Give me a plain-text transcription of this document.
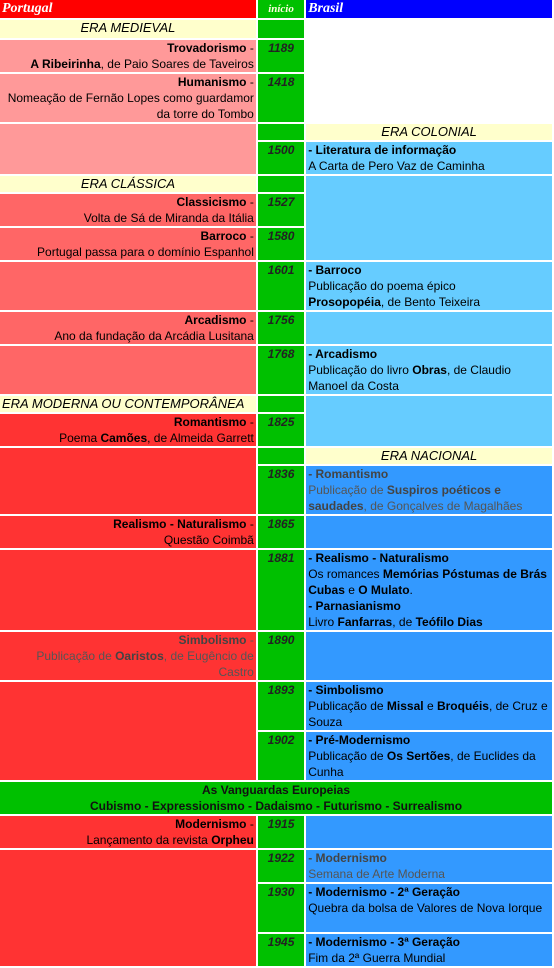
Portugal	início	Brasil
ERA MEDIEVAL		
Trovadorismo -
A Ribeirinha, de Paio Soares de Taveiros	1189	
Humanismo -
Nomeação de Fernão Lopes como guardamor da torre do Tombo	1418	
		ERA COLONIAL
	1500	- Literatura de informação
A Carta de Pero Vaz de Caminha
ERA CLÁSSICA		
Classicismo -
Volta de Sá de Miranda da Itália	1527	
Barroco -
Portugal passa para o domínio Espanhol	1580	
	1601	- Barroco
Publicação do poema épico
Prosopopéia, de Bento Teixeira
Arcadismo -
Ano da fundação da Arcádia Lusitana	1756	
	1768	- Arcadismo
Publicação do livro Obras, de Claudio Manoel da Costa
ERA MODERNA OU CONTEMPORÂNEA		
Romantismo -
Poema Camões, de Almeida Garrett	1825	
		ERA NACIONAL
	1836	- Romantismo
Publicação de Suspiros poéticos e saudades, de Gonçalves de Magalhães
Realismo - Naturalismo -
Questão Coimbã	1865	
	1881	- Realismo - Naturalismo
Os romances Memórias Póstumas de Brás Cubas e O Mulato.
- Parnasianismo
Livro Fanfarras, de Teófilo Dias
Simbolismo -
Publicação de Oaristos, de Eugêncio de Castro	1890	
	1893	- Simbolismo
Publicação de Missal e Broquéis, de Cruz e Souza
	1902	- Pré-Modernismo
Publicação de Os Sertões, de Euclides da Cunha
As Vanguardas Europeias
Cubismo - Expressionismo - Dadaismo - Futurismo - Surrealismo		
Modernismo -
Lançamento da revista Orpheu	1915	
	1922	- Modernismo
Semana de Arte Moderna
	1930	- Modernismo - 2ª Geração
Quebra da bolsa de Valores de Nova Iorque
	1945	- Modernismo - 3ª Geração
Fim da 2ª Guerra Mundial
